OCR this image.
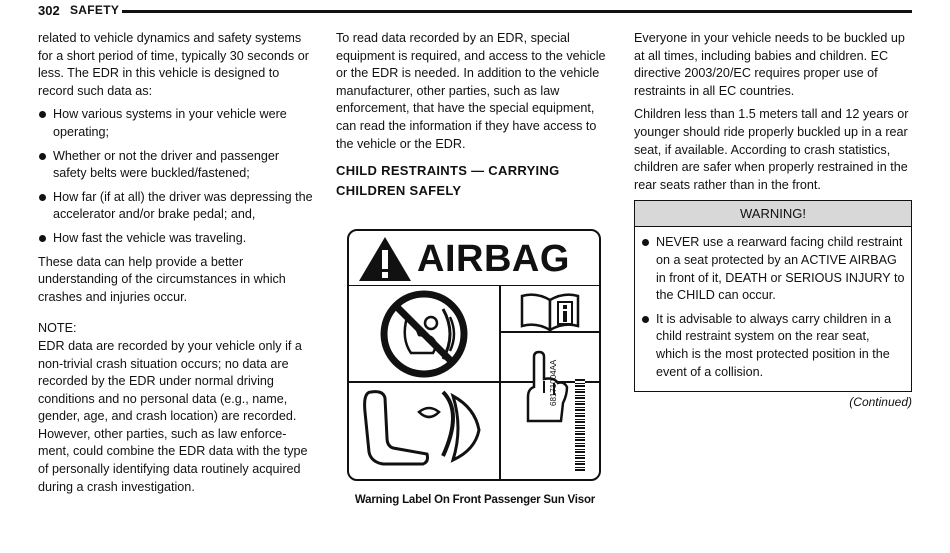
302 SAFETY

related to vehicle dynamics and safety systems for a short period of time, typically 30 seconds or less. The EDR in this vehicle is designed to record such data as:

How various systems in your vehicle were operating;
Whether or not the driver and passenger safety belts were buckled/fastened;
How far (if at all) the driver was depressing the accelerator and/or brake pedal; and,
How fast the vehicle was traveling.

These data can help provide a better understanding of the circumstances in which crashes and injuries occur.

NOTE:

EDR data are recorded by your vehicle only if a non-trivial crash situation occurs; no data are recorded by the EDR under normal driving conditions and no personal data (e.g., name, gender, age, and crash location) are recorded. However, other parties, such as law enforce-ment, could combine the EDR data with the type of personally identifying data routinely acquired during a crash investigation.

To read data recorded by an EDR, special equipment is required, and access to the vehicle or the EDR is needed. In addition to the vehicle manufacturer, other parties, such as law enforcement, that have the special equipment, can read the information if they have access to the vehicle or the EDR.

CHILD RESTRAINTS — CARRYING CHILDREN SAFELY
AIRBAG
68171004AA
Warning Label On Front Passenger Sun Visor

Everyone in your vehicle needs to be buckled up at all times, including babies and children. EC directive 2003/20/EC requires proper use of restraints in all EC countries.

Children less than 1.5 meters tall and 12 years or younger should ride properly buckled up in a rear seat, if available. According to crash statistics, children are safer when properly restrained in the rear seats rather than in the front.

WARNING!
NEVER use a rearward facing child restraint on a seat protected by an ACTIVE AIRBAG in front of it, DEATH or SERIOUS INJURY to the CHILD can occur.
It is advisable to always carry children in a child restraint system on the rear seat, which is the most protected position in the event of a collision.
(Continued)
